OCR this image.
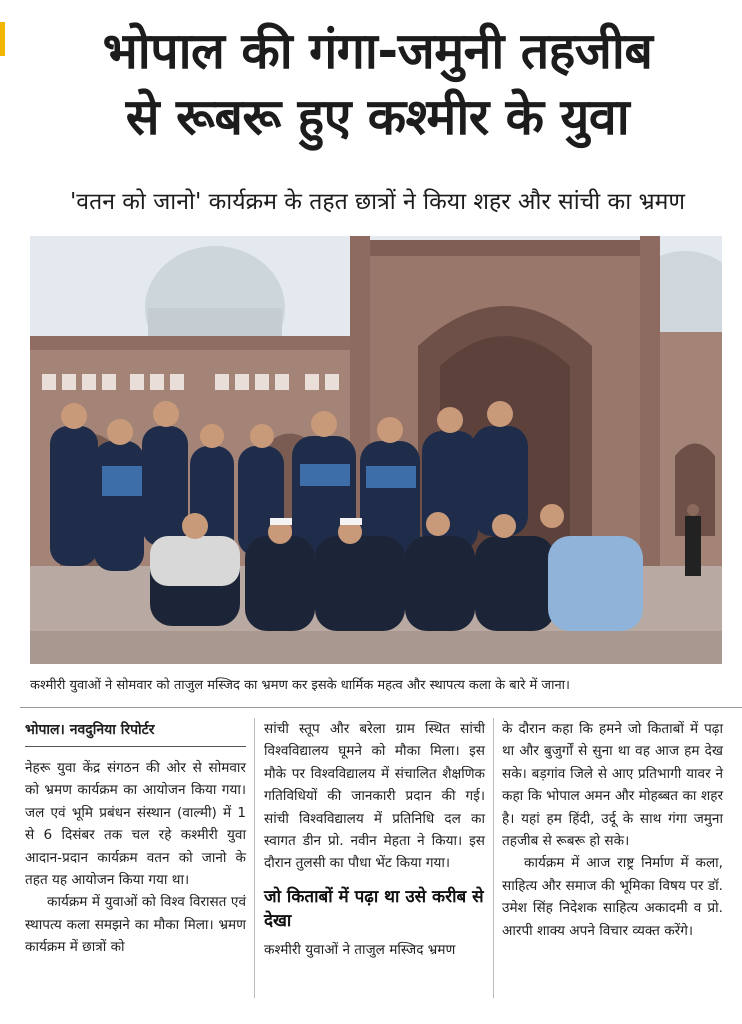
भोपाल की गंगा-जमुनी तहजीब
से रूबरू हुए कश्मीर के युवा
'वतन को जानो' कार्यक्रम के तहत छात्रों ने किया शहर और सांची का भ्रमण
कश्मीरी युवाओं ने सोमवार को ताजुल मस्जिद का भ्रमण कर इसके धार्मिक महत्व और स्थापत्य कला के बारे में जाना।

भोपाल। नवदुनिया रिपोर्टर

नेहरू युवा केंद्र संगठन की ओर से सोमवार को भ्रमण कार्यक्रम का आयोजन किया गया। जल एवं भूमि प्रबंधन संस्थान (वाल्मी) में 1 से 6 दिसंबर तक चल रहे कश्मीरी युवा आदान-प्रदान कार्यक्रम वतन को जानो के तहत यह आयोजन किया गया था।

कार्यक्रम में युवाओं को विश्व विरासत एवं स्थापत्य कला समझने का मौका मिला। भ्रमण कार्यक्रम में छात्रों को

सांची स्तूप और बरेला ग्राम स्थित सांची विश्वविद्यालय घूमने को मौका मिला। इस मौके पर विश्वविद्यालय में संचालित शैक्षणिक गतिविधियों की जानकारी प्रदान की गई। सांची विश्वविद्यालय में प्रतिनिधि दल का स्वागत डीन प्रो. नवीन मेहता ने किया। इस दौरान तुलसी का पौधा भेंट किया गया।

जो किताबों में पढ़ा था उसे करीब से देखा

कश्मीरी युवाओं ने ताजुल मस्जिद भ्रमण

के दौरान कहा कि हमने जो किताबों में पढ़ा था और बुजुर्गों से सुना था वह आज हम देख सके। बड़गांव जिले से आए प्रतिभागी यावर ने कहा कि भोपाल अमन और मोहब्बत का शहर है। यहां हम हिंदी, उर्दू के साथ गंगा जमुना तहजीब से रूबरू हो सके।

कार्यक्रम में आज राष्ट्र निर्माण में कला, साहित्य और समाज की भूमिका विषय पर डॉ. उमेश सिंह निदेशक साहित्य अकादमी व प्रो. आरपी शाक्य अपने विचार व्यक्त करेंगे।
